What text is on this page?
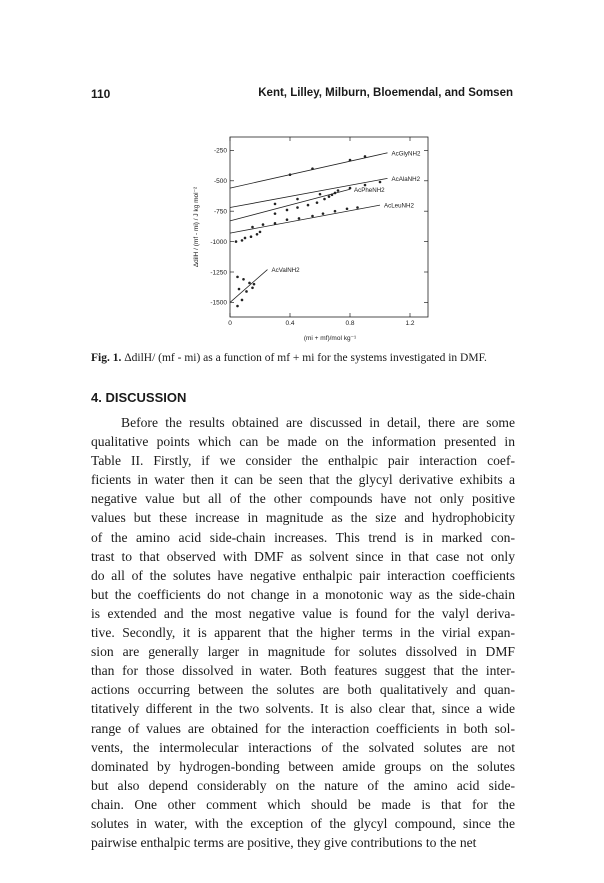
110	Kent, Lilley, Milburn, Bloemendal, and Somsen
-250
-500
-750
-1000
-1250
-1500
0	0.4	0.8	1.2
AcGlyNH2
AcAlaNH2
AcPheNH2
AcLeuNH2
AcValNH2
(mi + mf)/mol kg⁻¹
ΔdilH / (mf - mi) / J kg mol⁻²
Fig. 1. ΔdilH/ (mf - mi) as a function of mf + mi for the systems investigated in DMF.
4. DISCUSSION
Before the results obtained are discussed in detail, there are some
qualitative points which can be made on the information presented in
Table II. Firstly, if we consider the enthalpic pair interaction coef-
ficients in water then it can be seen that the glycyl derivative exhibits a
negative value but all of the other compounds have not only positive
values but these increase in magnitude as the size and hydrophobicity
of the amino acid side-chain increases. This trend is in marked con-
trast to that observed with DMF as solvent since in that case not only
do all of the solutes have negative enthalpic pair interaction coefficients
but the coefficients do not change in a monotonic way as the side-chain
is extended and the most negative value is found for the valyl deriva-
tive. Secondly, it is apparent that the higher terms in the virial expan-
sion are generally larger in magnitude for solutes dissolved in DMF
than for those dissolved in water. Both features suggest that the inter-
actions occurring between the solutes are both qualitatively and quan-
titatively different in the two solvents. It is also clear that, since a wide
range of values are obtained for the interaction coefficients in both sol-
vents, the intermolecular interactions of the solvated solutes are not
dominated by hydrogen-bonding between amide groups on the solutes
but also depend considerably on the nature of the amino acid side-
chain. One other comment which should be made is that for the
solutes in water, with the exception of the glycyl compound, since the
pairwise enthalpic terms are positive, they give contributions to the net
